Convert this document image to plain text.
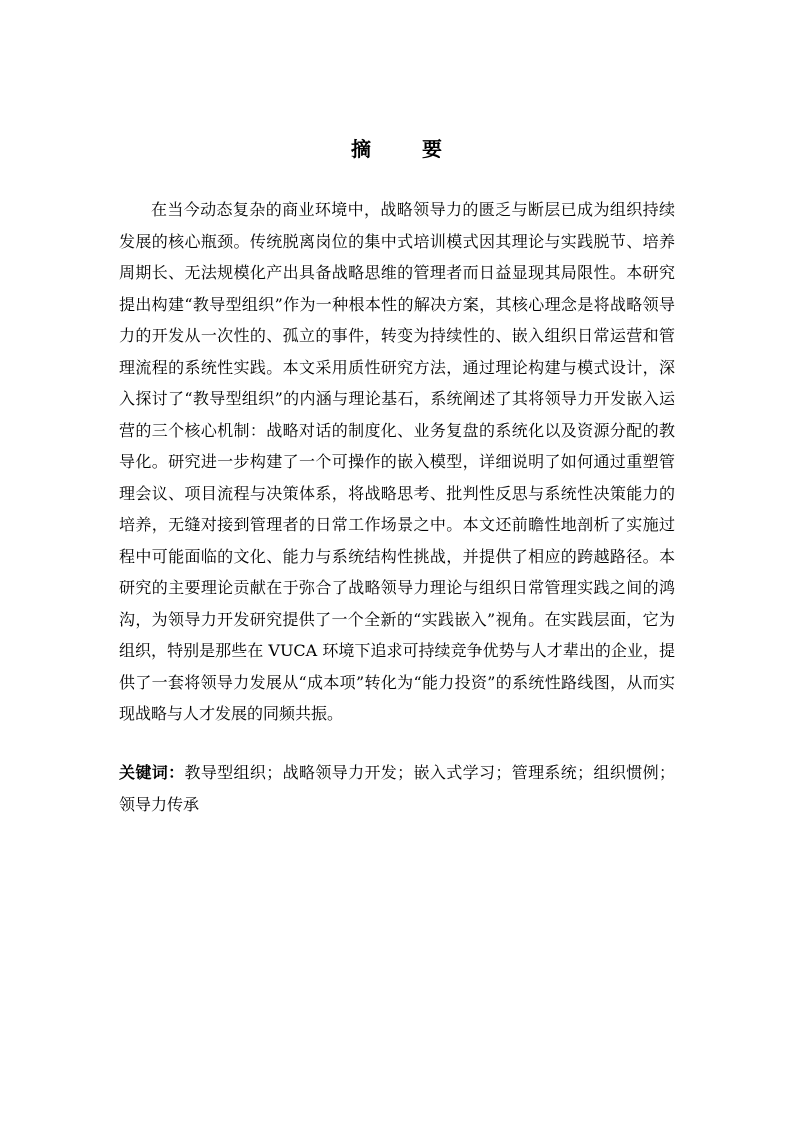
摘 要

在当今动态复杂的商业环境中，战略领导力的匮乏与断层已成为组织持续发展的核心瓶颈。传统脱离岗位的集中式培训模式因其理论与实践脱节、培养周期长、无法规模化产出具备战略思维的管理者而日益显现其局限性。本研究提出构建“教导型组织”作为一种根本性的解决方案，其核心理念是将战略领导力的开发从一次性的、孤立的事件，转变为持续性的、嵌入组织日常运营和管理流程的系统性实践。本文采用质性研究方法，通过理论构建与模式设计，深入探讨了“教导型组织”的内涵与理论基石，系统阐述了其将领导力开发嵌入运营的三个核心机制：战略对话的制度化、业务复盘的系统化以及资源分配的教导化。研究进一步构建了一个可操作的嵌入模型，详细说明了如何通过重塑管理会议、项目流程与决策体系，将战略思考、批判性反思与系统性决策能力的培养，无缝对接到管理者的日常工作场景之中。本文还前瞻性地剖析了实施过程中可能面临的文化、能力与系统结构性挑战，并提供了相应的跨越路径。本研究的主要理论贡献在于弥合了战略领导力理论与组织日常管理实践之间的鸿沟，为领导力开发研究提供了一个全新的“实践嵌入”视角。在实践层面，它为组织，特别是那些在 VUCA 环境下追求可持续竞争优势与人才辈出的企业，提供了一套将领导力发展从“成本项”转化为“能力投资”的系统性路线图，从而实现战略与人才发展的同频共振。

关键词：教导型组织；战略领导力开发；嵌入式学习；管理系统；组织惯例；领导力传承
